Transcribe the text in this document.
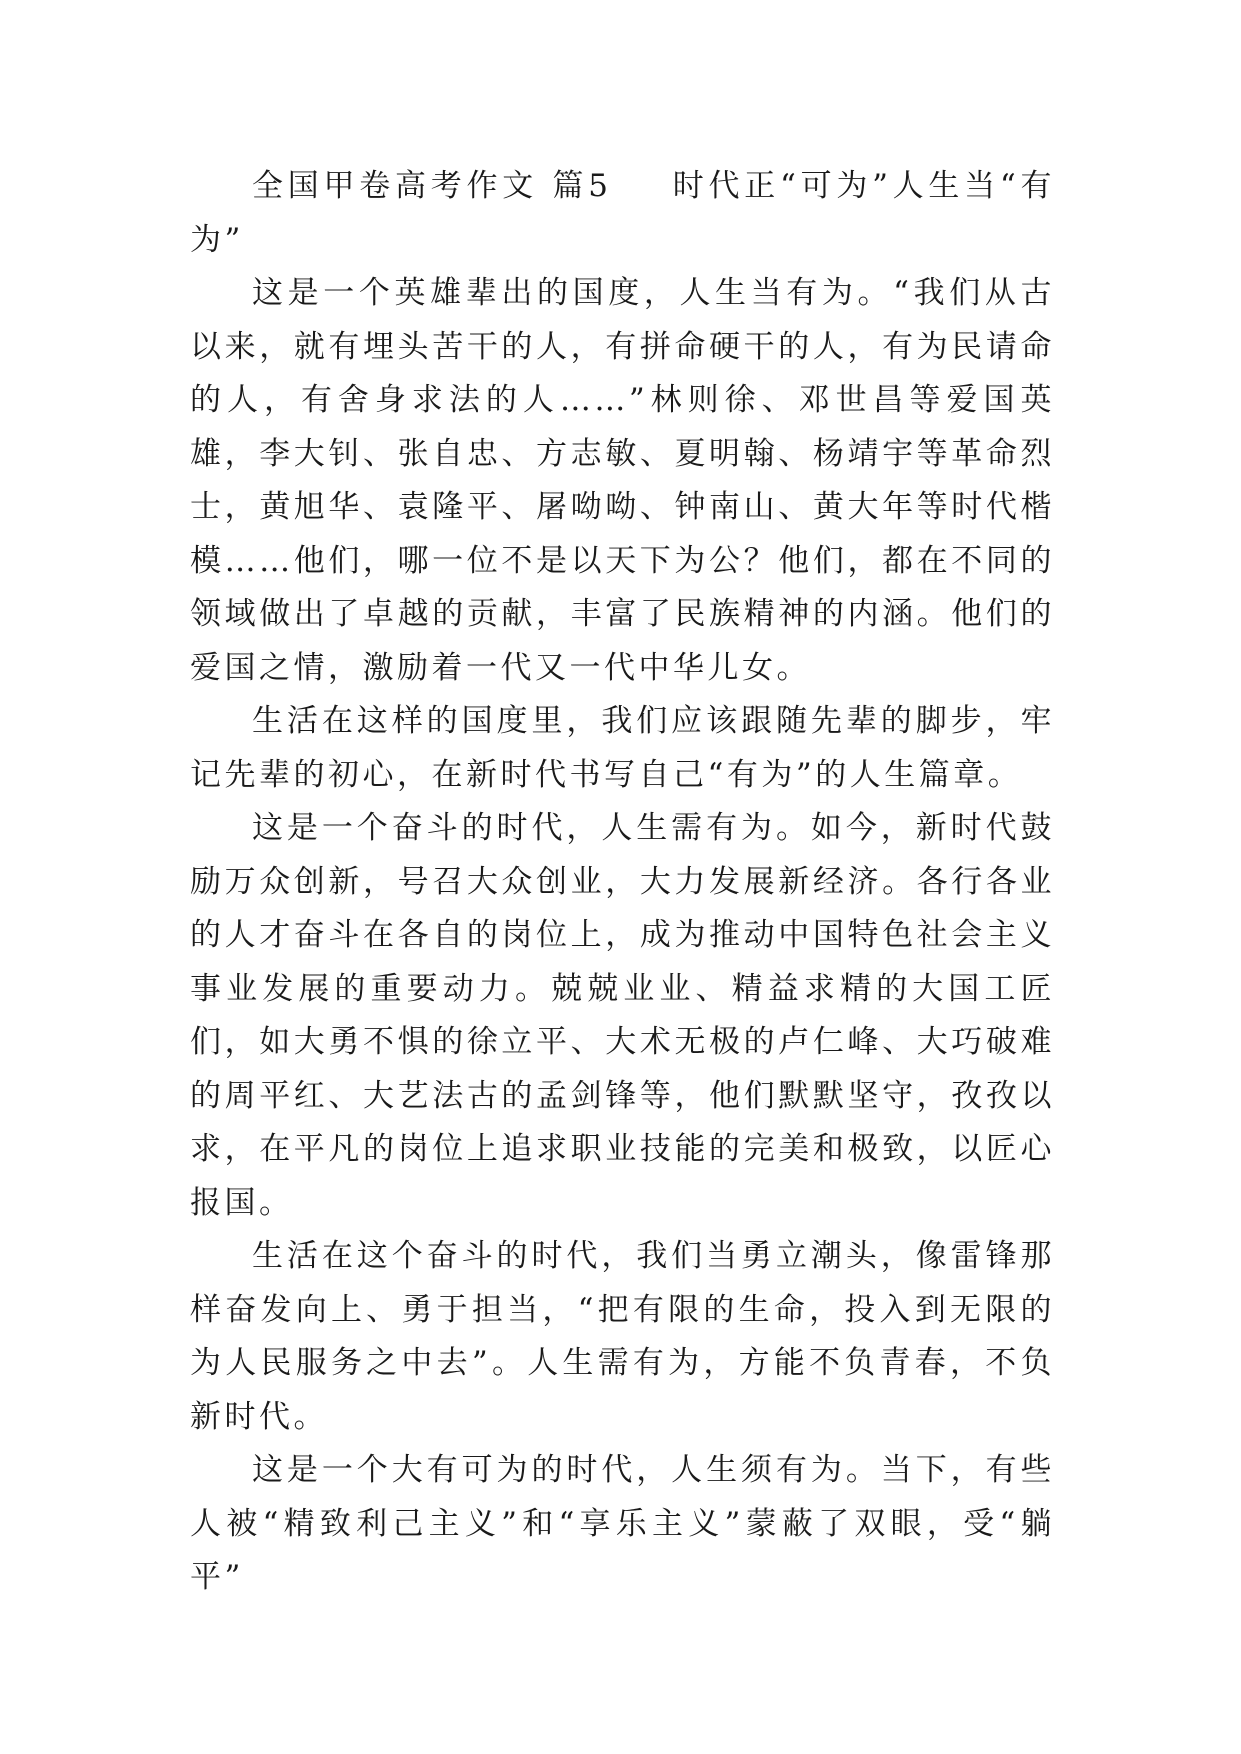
全国甲卷高考作文 篇5 时代正“可为”人生当“有为”

这是一个英雄辈出的国度，人生当有为。“我们从古以来，就有埋头苦干的人，有拼命硬干的人，有为民请命的人，有舍身求法的人……”林则徐、邓世昌等爱国英雄，李大钊、张自忠、方志敏、夏明翰、杨靖宇等革命烈士，黄旭华、袁隆平、屠呦呦、钟南山、黄大年等时代楷模……他们，哪一位不是以天下为公？他们，都在不同的领域做出了卓越的贡献，丰富了民族精神的内涵。他们的爱国之情，激励着一代又一代中华儿女。

生活在这样的国度里，我们应该跟随先辈的脚步，牢记先辈的初心，在新时代书写自己“有为”的人生篇章。

这是一个奋斗的时代，人生需有为。如今，新时代鼓励万众创新，号召大众创业，大力发展新经济。各行各业的人才奋斗在各自的岗位上，成为推动中国特色社会主义事业发展的重要动力。兢兢业业、精益求精的大国工匠们，如大勇不惧的徐立平、大术无极的卢仁峰、大巧破难的周平红、大艺法古的孟剑锋等，他们默默坚守，孜孜以求，在平凡的岗位上追求职业技能的完美和极致，以匠心报国。

生活在这个奋斗的时代，我们当勇立潮头，像雷锋那样奋发向上、勇于担当，“把有限的生命，投入到无限的为人民服务之中去”。人生需有为，方能不负青春，不负新时代。

这是一个大有可为的时代，人生须有为。当下，有些人被“精致利己主义”和“享乐主义”蒙蔽了双眼，受“躺平”
